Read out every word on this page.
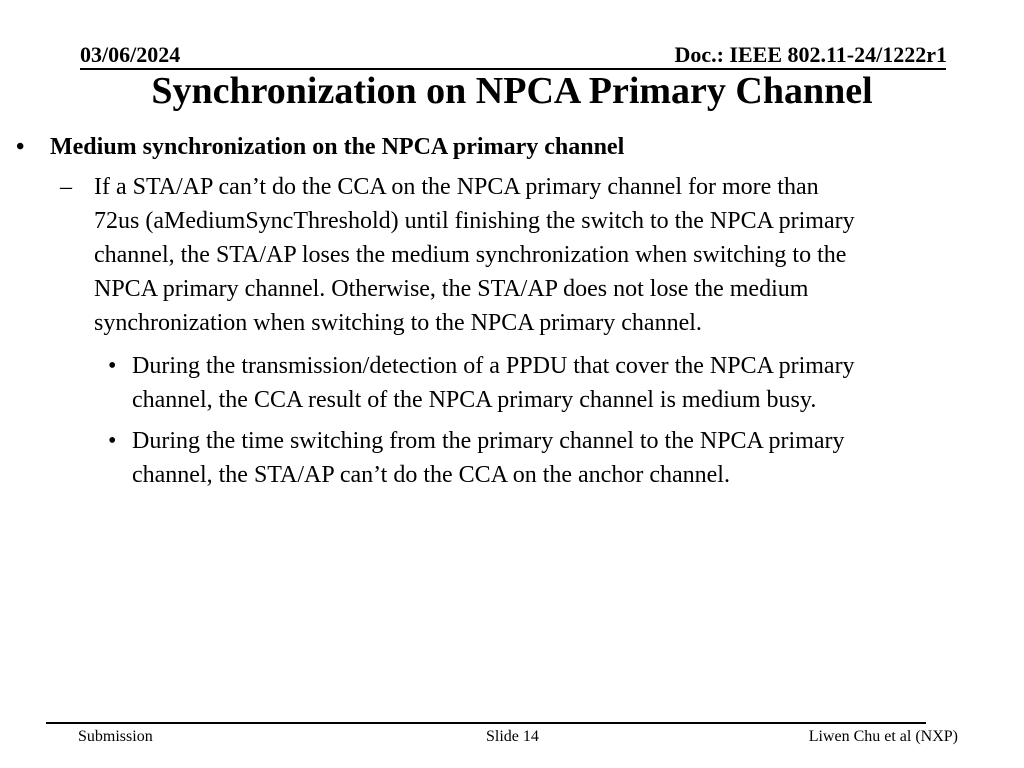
03/06/2024	Doc.: IEEE 802.11-24/1222r1
Synchronization on NPCA Primary Channel
• Medium synchronization on the NPCA primary channel
– If a STA/AP can’t do the CCA on the NPCA primary channel for more than
72us (aMediumSyncThreshold) until finishing the switch to the NPCA primary
channel, the STA/AP loses the medium synchronization when switching to the
NPCA primary channel. Otherwise, the STA/AP does not lose the medium
synchronization when switching to the NPCA primary channel.
• During the transmission/detection of a PPDU that cover the NPCA primary
channel, the CCA result of the NPCA primary channel is medium busy.
• During the time switching from the primary channel to the NPCA primary
channel, the STA/AP can’t do the CCA on the anchor channel.
Submission	Slide 14	Liwen Chu et al (NXP)
